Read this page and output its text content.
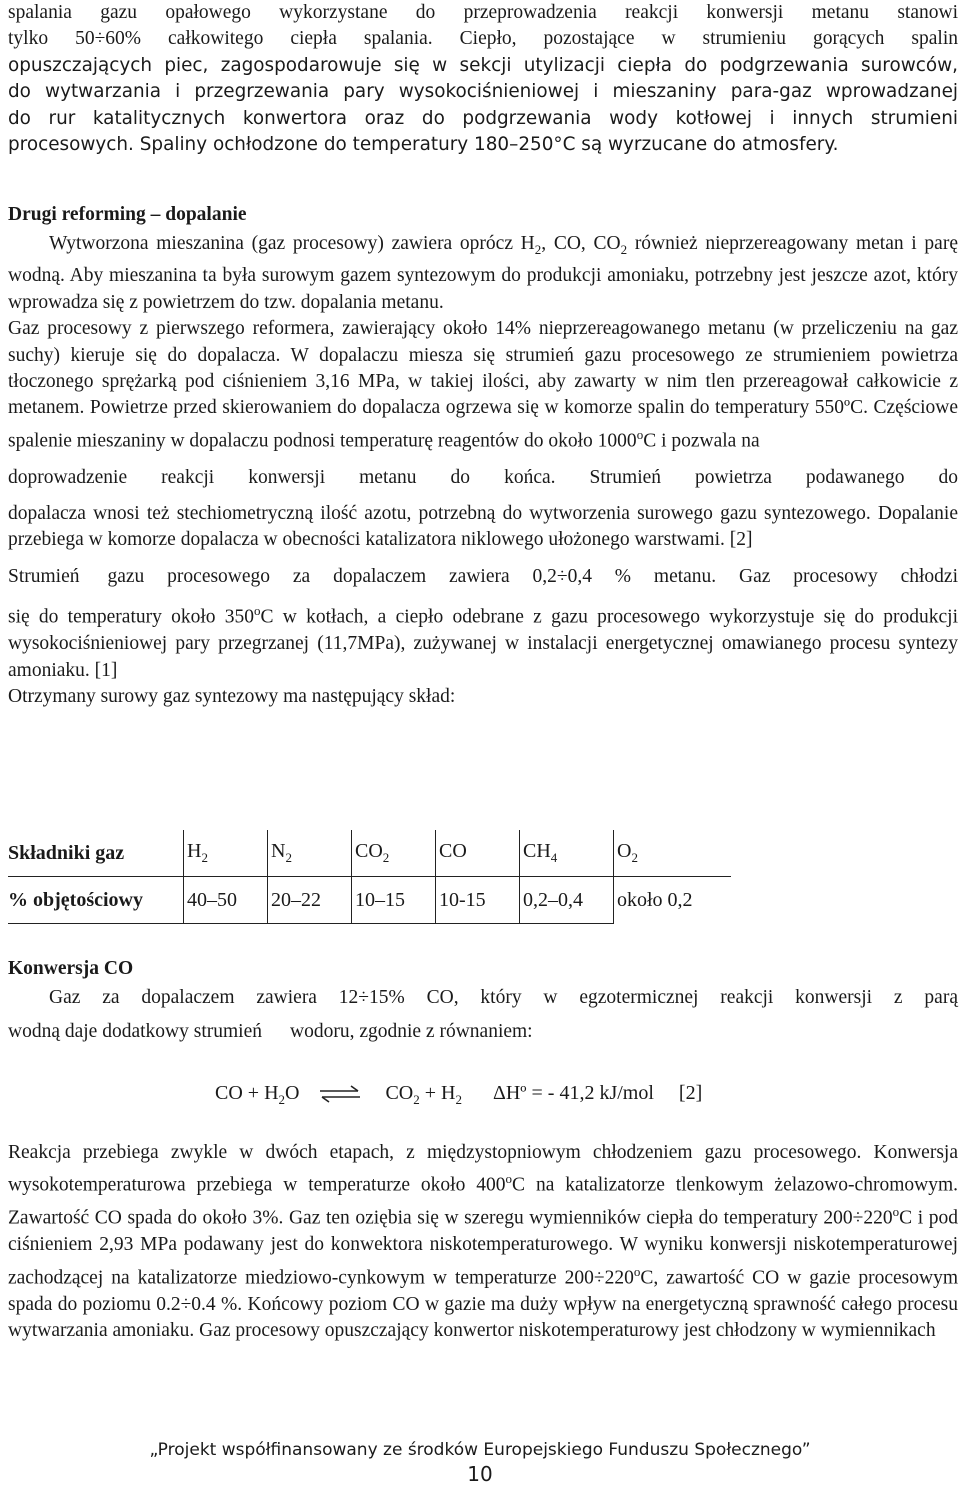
spalania gazu opałowego wykorzystane do przeprowadzenia reakcji konwersji metanu stanowi

tylko 50÷60% całkowitego ciepła spalania. Ciepło, pozostające w strumieniu gorących spalin

opuszczających piec, zagospodarowuje się w sekcji utylizacji ciepła do podgrzewania surowców,

do wytwarzania i przegrzewania pary wysokociśnieniowej i mieszaniny para-gaz wprowadzanej

do rur katalitycznych konwertora oraz do podgrzewania wody kotłowej i innych strumieni

procesowych. Spaliny ochłodzone do temperatury 180–250°C są wyrzucane do atmosfery.

Drugi reforming – dopalanie

Wytworzona mieszanina (gaz procesowy) zawiera oprócz $H_2$, CO, $CO_2$ również nieprzereagowany metan i parę wodną. Aby mieszanina ta była surowym gazem syntezowym do produkcji amoniaku, potrzebny jest jeszcze azot, który wprowadza się z powietrzem do tzw. dopalania metanu.

Gaz procesowy z pierwszego reformera, zawierający około 14% nieprzereagowanego metanu (w przeliczeniu na gaz suchy) kieruje się do dopalacza. W dopalaczu miesza się strumień gazu procesowego ze strumieniem powietrza tłoczonego sprężarką pod ciśnieniem 3,16 MPa, w takiej ilości, aby zawarty w nim tlen przereagował całkowicie z metanem. Powietrze przed skierowaniem do dopalacza ogrzewa się w komorze spalin do temperatury 550ºC. Częściowe spalenie mieszaniny w dopalaczu podnosi temperaturę reagentów do około 1000$^o$C i pozwala na

doprowadzenie reakcji konwersji metanu do końca. Strumień powietrza podawanego do

dopalacza wnosi też stechiometryczną ilość azotu, potrzebną do wytworzenia surowego gazu syntezowego. Dopalanie przebiega w komorze dopalacza w obecności katalizatora niklowego ułożonego warstwami. [2]

Strumień gazu procesowego za dopalaczem zawiera 0,2÷0,4 % metanu. Gaz procesowy chłodzi

się do temperatury około 350$^o$C w kotłach, a ciepło odebrane z gazu procesowego wykorzystuje się do produkcji wysokociśnieniowej pary przegrzanej (11,7MPa), zużywanej w instalacji energetycznej omawianego procesu syntezy amoniaku. [1]

Otrzymany surowy gaz syntezowy ma następujący skład:

Składniki gaz	$H_2$	$N_2$	$CO_2$	CO	$CH_4$	$O_2$
% objętościowy	40–50	20–22	10–15	10-15	0,2–0,4	około 0,2
Konwersja CO

Gaz za dopalaczem zawiera 12÷15% CO, który w egzotermicznej reakcji konwersji z parą

wodną daje dodatkowy strumień wodoru, zgodnie z równaniem:

CO + $H_2O$ ⇌ $CO_2 + H_2$ ΔHº = - 41,2 kJ/mol [2]

Reakcja przebiega zwykle w dwóch etapach, z międzystopniowym chłodzeniem gazu procesowego. Konwersja wysokotemperaturowa przebiega w temperaturze około 400$^o$C na katalizatorze tlenkowym żelazowo-chromowym. Zawartość CO spada do około 3%. Gaz ten oziębia się w szeregu wymienników ciepła do temperatury $200\div 220^oC$ i pod ciśnieniem 2,93 MPa podawany jest do konwektora niskotemperaturowego. W wyniku konwersji niskotemperaturowej zachodzącej na katalizatorze miedziowo-cynkowym w temperaturze $200\div 220^oC$, zawartość CO w gazie procesowym spada do poziomu 0.2÷0.4 %. Końcowy poziom CO w gazie ma duży wpływ na energetyczną sprawność całego procesu wytwarzania amoniaku. Gaz procesowy opuszczający konwertor niskotemperaturowy jest chłodzony w wymiennikach

„Projekt współfinansowany ze środków Europejskiego Funduszu Społecznego”
10
